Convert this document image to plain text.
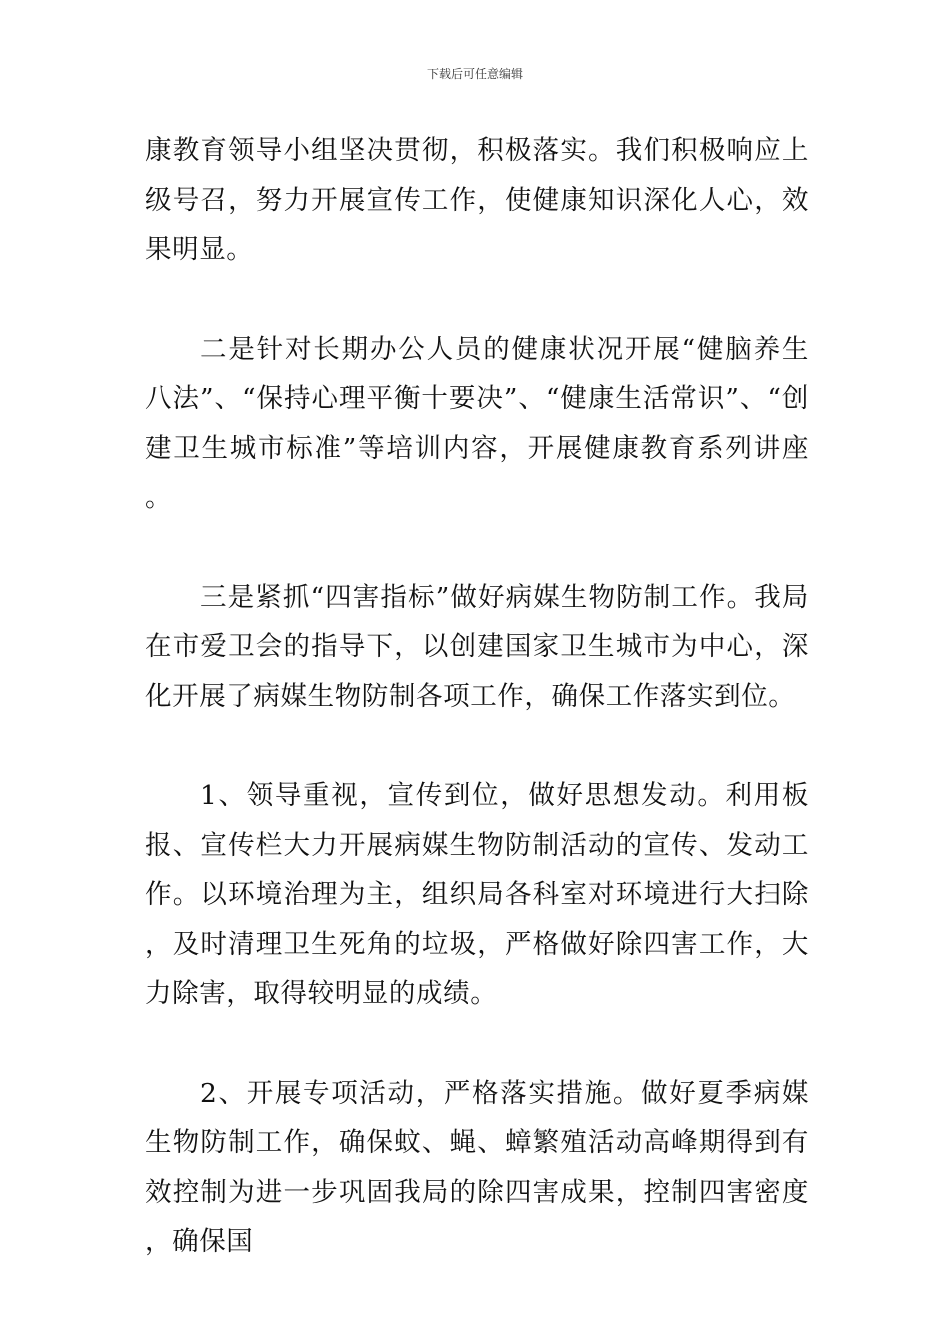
下载后可任意编辑

康教育领导小组坚决贯彻，积极落实。我们积极响应上级号召，努力开展宣传工作，使健康知识深化人心，效果明显。

二是针对长期办公人员的健康状况开展“健脑养生八法”、“保持心理平衡十要决”、“健康生活常识”、“创建卫生城市标准”等培训内容，开展健康教育系列讲座。

三是紧抓“四害指标”做好病媒生物防制工作。我局在市爱卫会的指导下，以创建国家卫生城市为中心，深化开展了病媒生物防制各项工作，确保工作落实到位。

1、领导重视，宣传到位，做好思想发动。利用板报、宣传栏大力开展病媒生物防制活动的宣传、发动工作。以环境治理为主，组织局各科室对环境进行大扫除，及时清理卫生死角的垃圾，严格做好除四害工作，大力除害，取得较明显的成绩。

2、开展专项活动，严格落实措施。做好夏季病媒生物防制工作，确保蚊、蝇、蟑繁殖活动高峰期得到有效控制为进一步巩固我局的除四害成果，控制四害密度，确保国
